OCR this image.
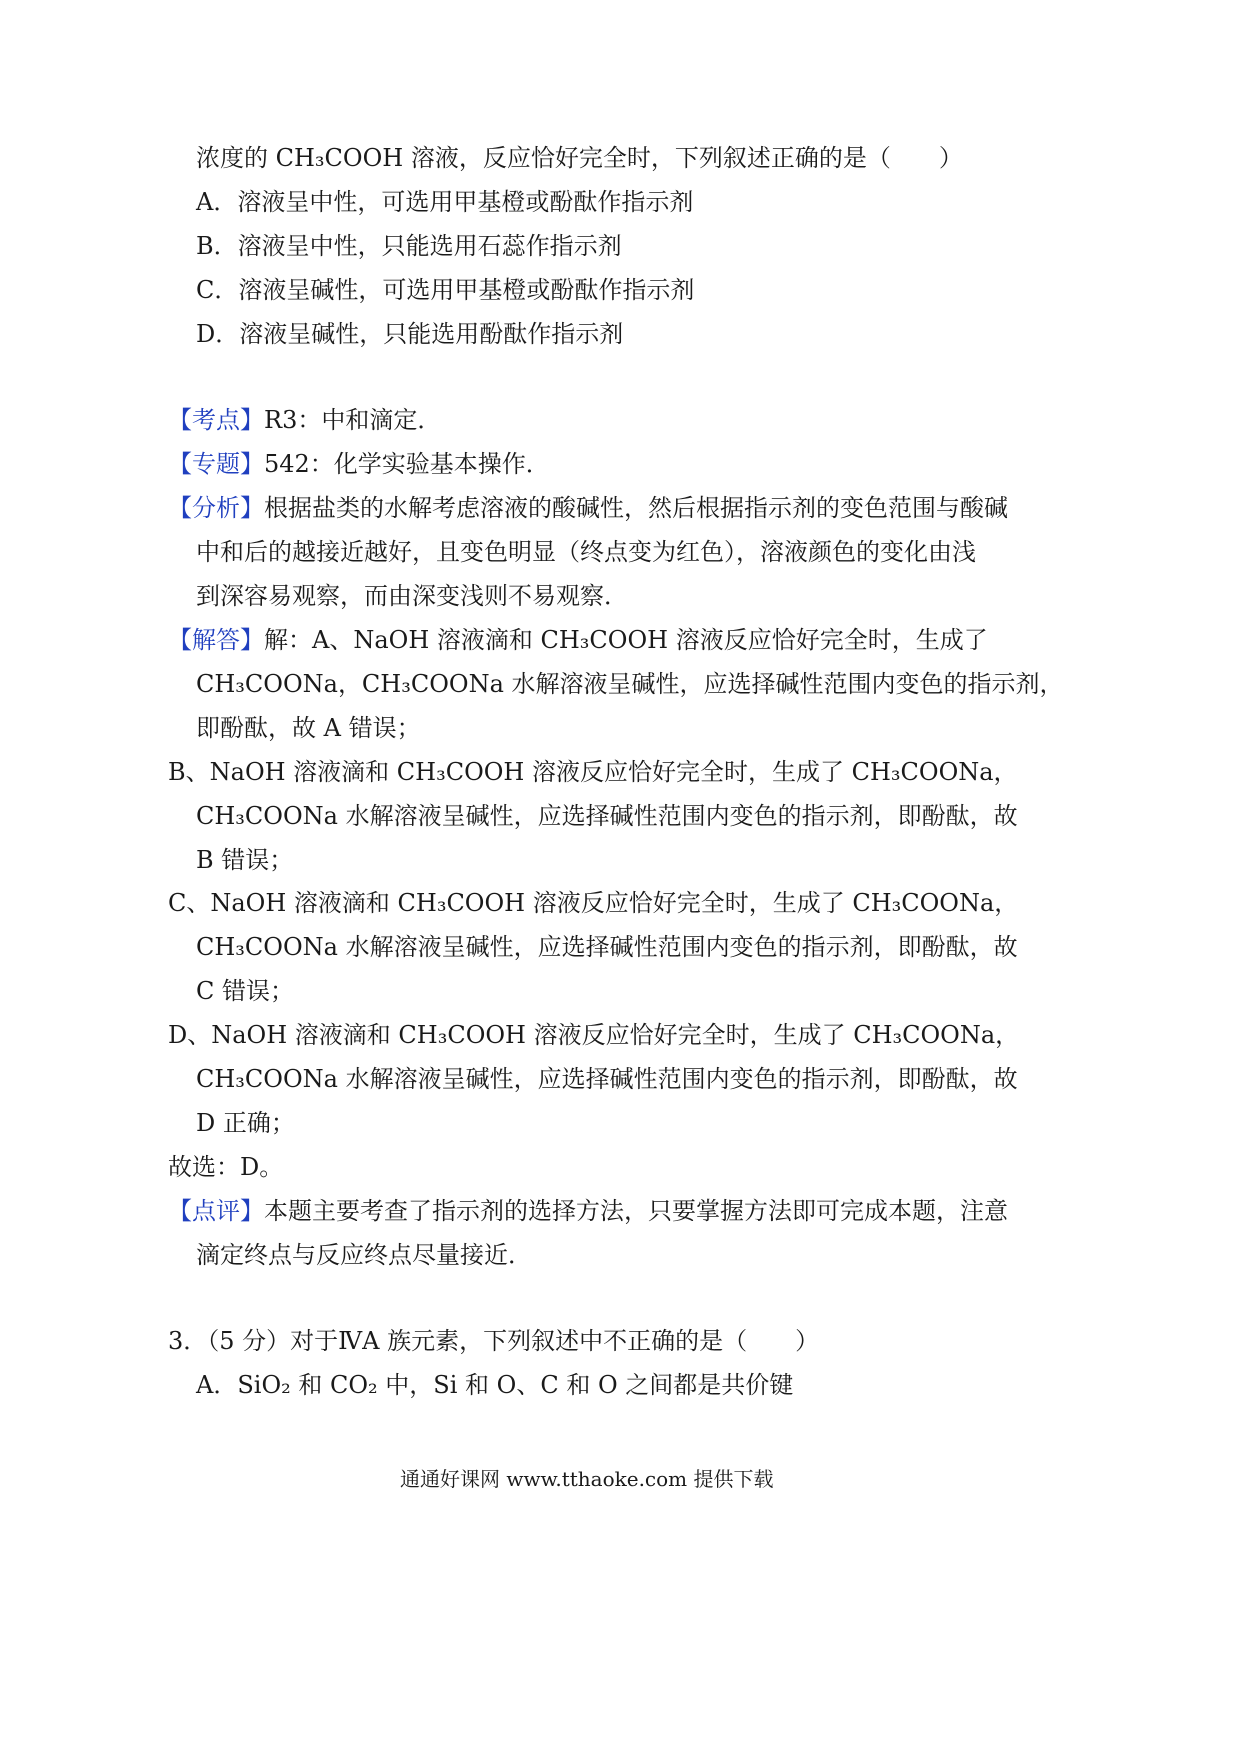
浓度的 CH₃COOH 溶液，反应恰好完全时，下列叙述正确的是（　　）
A．溶液呈中性，可选用甲基橙或酚酞作指示剂
B．溶液呈中性，只能选用石蕊作指示剂
C．溶液呈碱性，可选用甲基橙或酚酞作指示剂
D．溶液呈碱性，只能选用酚酞作指示剂
【考点】R3：中和滴定．
【专题】542：化学实验基本操作．
【分析】根据盐类的水解考虑溶液的酸碱性，然后根据指示剂的变色范围与酸碱
中和后的越接近越好，且变色明显（终点变为红色），溶液颜色的变化由浅
到深容易观察，而由深变浅则不易观察．
【解答】解：A、NaOH 溶液滴和 CH₃COOH 溶液反应恰好完全时，生成了
CH₃COONa，CH₃COONa 水解溶液呈碱性，应选择碱性范围内变色的指示剂，
即酚酞，故 A 错误；
B、NaOH 溶液滴和 CH₃COOH 溶液反应恰好完全时，生成了 CH₃COONa，
CH₃COONa 水解溶液呈碱性，应选择碱性范围内变色的指示剂，即酚酞，故
B 错误；
C、NaOH 溶液滴和 CH₃COOH 溶液反应恰好完全时，生成了 CH₃COONa，
CH₃COONa 水解溶液呈碱性，应选择碱性范围内变色的指示剂，即酚酞，故
C 错误；
D、NaOH 溶液滴和 CH₃COOH 溶液反应恰好完全时，生成了 CH₃COONa，
CH₃COONa 水解溶液呈碱性，应选择碱性范围内变色的指示剂，即酚酞，故
D 正确；
故选：D。
【点评】本题主要考查了指示剂的选择方法，只要掌握方法即可完成本题，注意
滴定终点与反应终点尽量接近．
3．（5 分）对于ⅣA 族元素，下列叙述中不正确的是（　　）
A．SiO₂ 和 CO₂ 中，Si 和 O、C 和 O 之间都是共价键
通通好课网 www.tthaoke.com 提供下载
